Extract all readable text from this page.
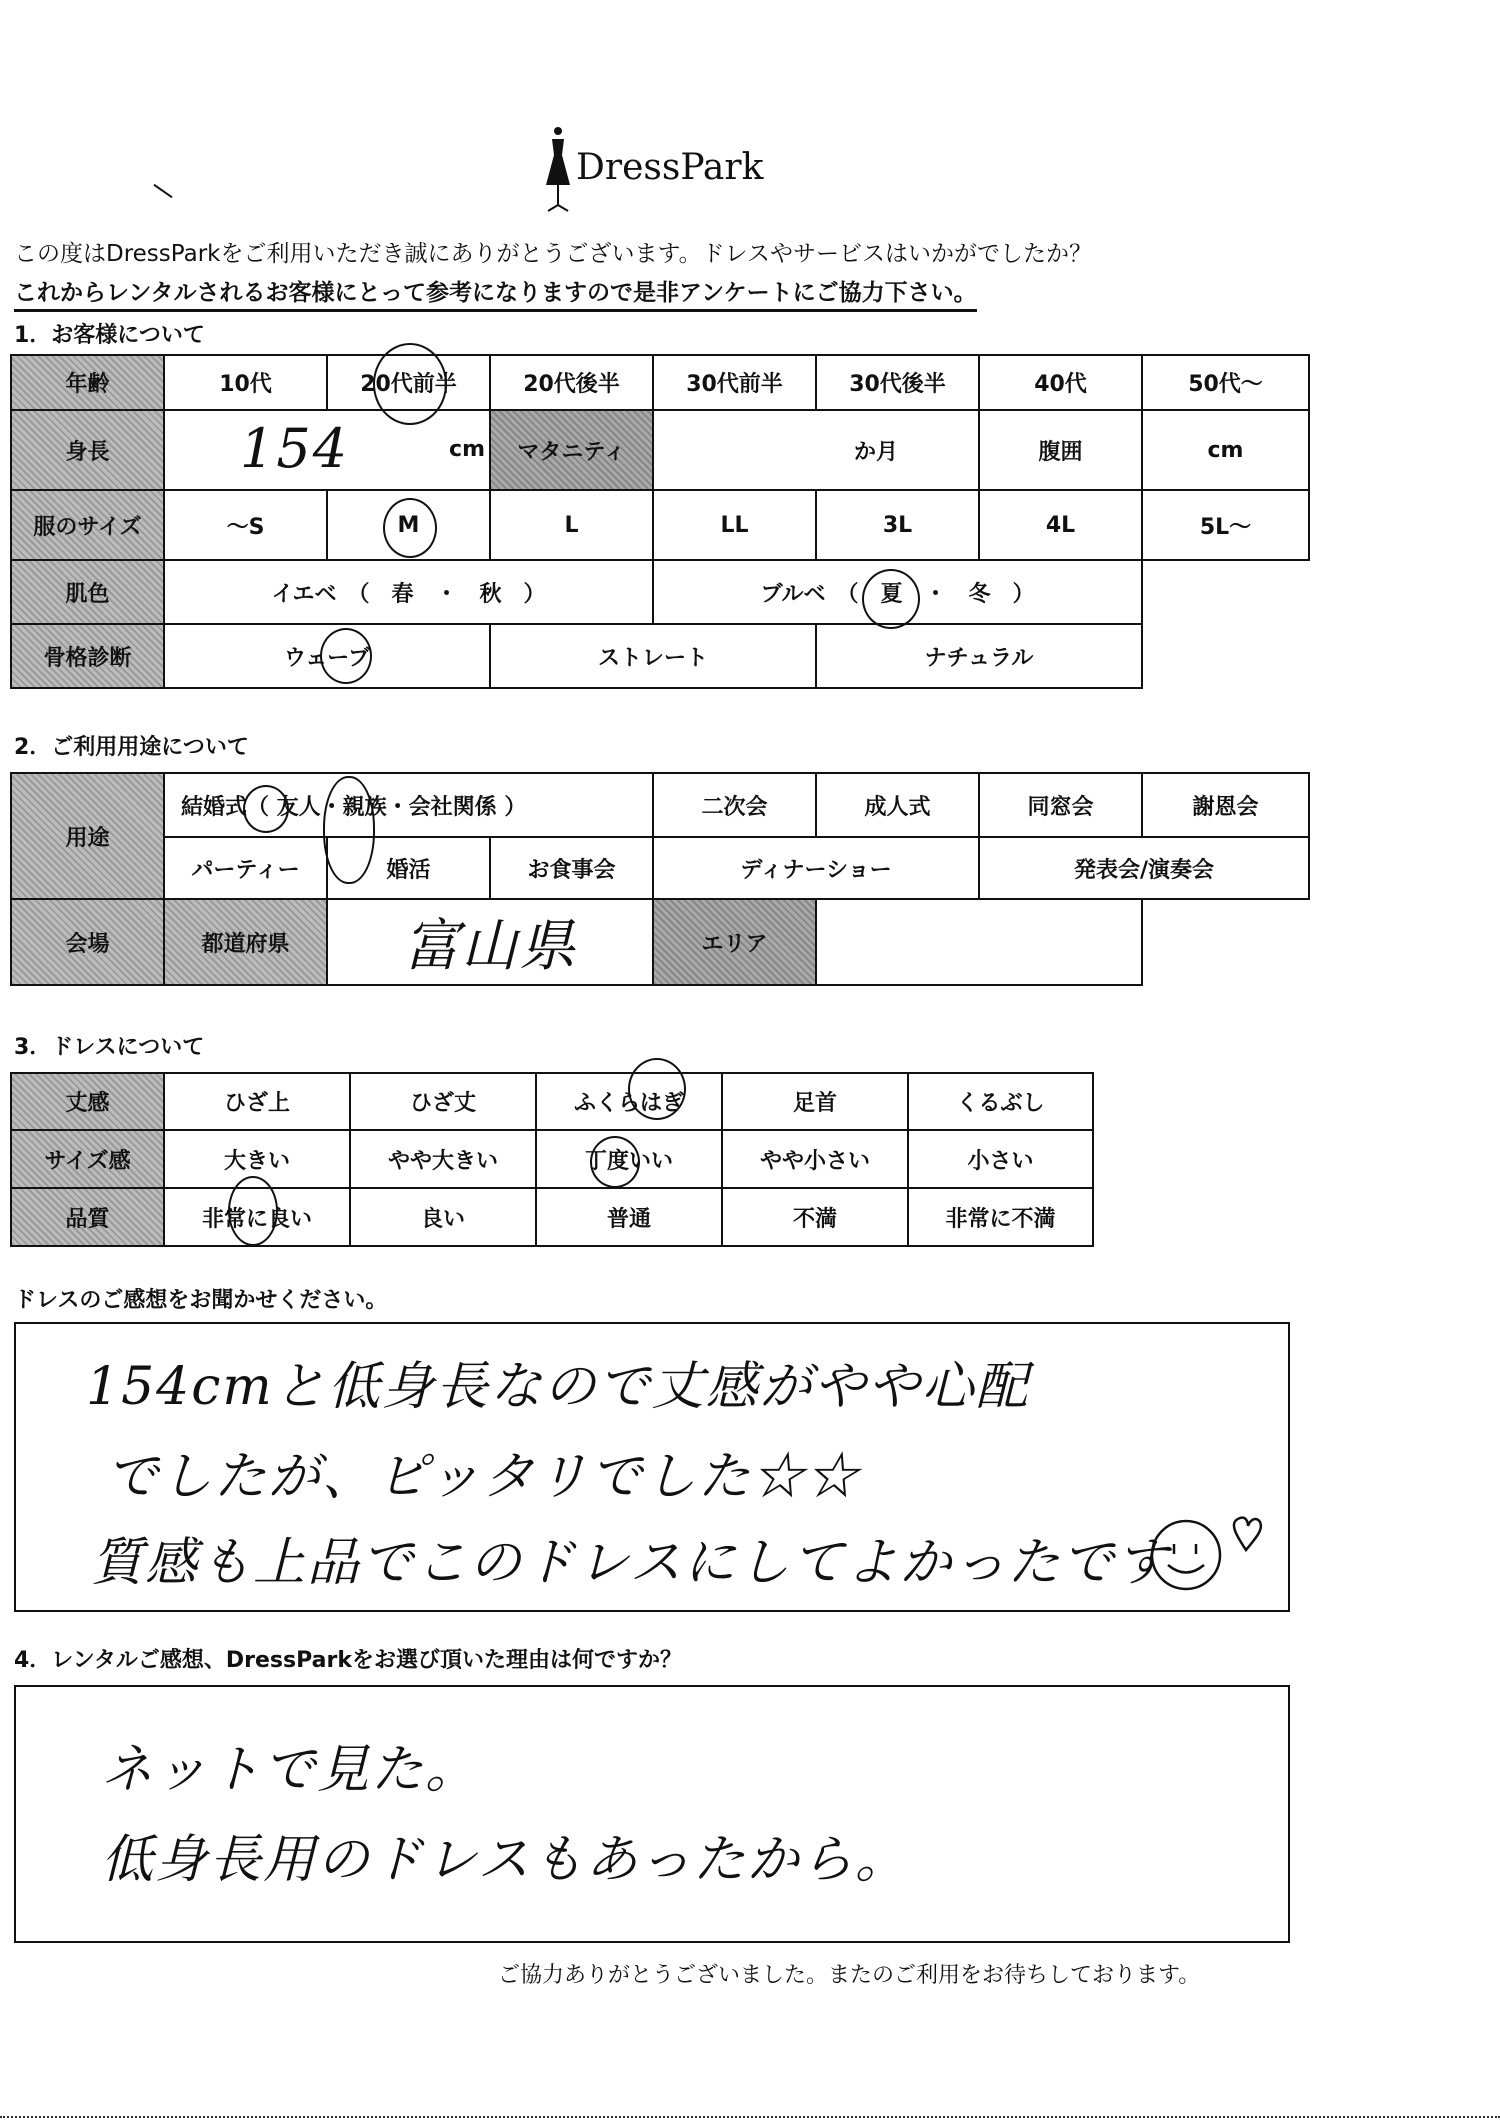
DressPark
この度はDressParkをご利用いただき誠にありがとうございます。ドレスやサービスはいかがでしたか？
これからレンタルされるお客様にとって参考になりますので是非アンケートにご協力下さい。
1．お客様について
年齢	10代	20代前半	20代後半	30代前半	30代後半	40代	50代～
身長	154 cm		マタニティ	か月		腹囲	cm
服のサイズ	～S	M	L	LL	3L	4L	5L～
肌色	イエベ　（　春　・　秋　）			ブルベ　（　夏　・　冬　）			
骨格診断	ウェーブ		ストレート		ナチュラル		
2．ご利用用途について
用途	結婚式（ 友人・親族・会社関係 ）			二次会	成人式	同窓会	謝恩会
	パーティー	婚活	お食事会	ディナーショー		発表会/演奏会	
会場	都道府県	富山県		エリア			
3．ドレスについて
丈感	ひざ上	ひざ丈	ふくらはぎ	足首	くるぶし
サイズ感	大きい	やや大きい	丁度いい	やや小さい	小さい
品質	非常に良い	良い	普通	不満	非常に不満
ドレスのご感想をお聞かせください。
154cmと低身長なので丈感がやや心配
でしたが、ピッタリでした☆☆
質感も上品でこのドレスにしてよかったです
4．レンタルご感想、DressParkをお選び頂いた理由は何ですか？
ネットで見た。
低身長用のドレスもあったから。
ご協力ありがとうございました。またのご利用をお待ちしております。
